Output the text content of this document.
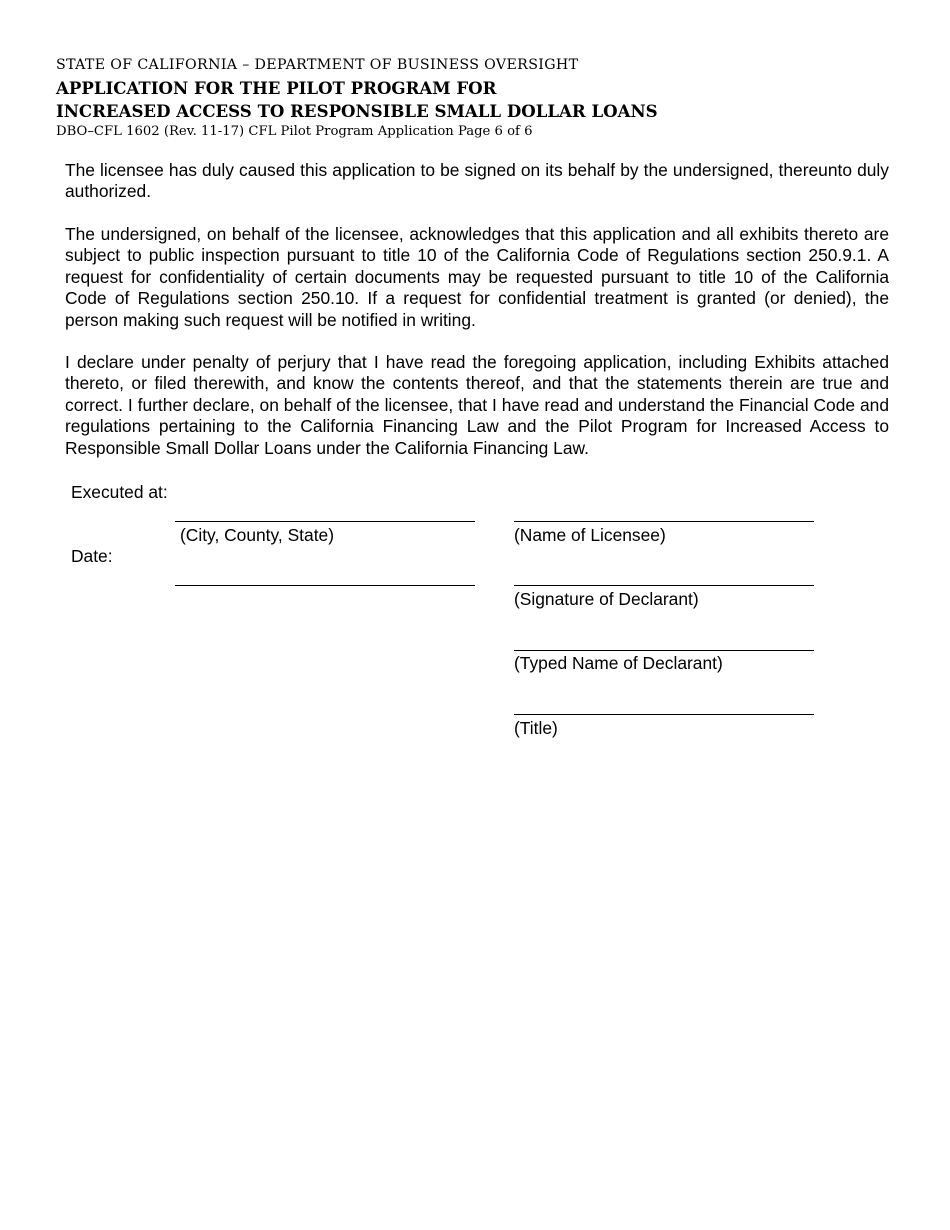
STATE OF CALIFORNIA – DEPARTMENT OF BUSINESS OVERSIGHT
APPLICATION FOR THE PILOT PROGRAM FOR
INCREASED ACCESS TO RESPONSIBLE SMALL DOLLAR LOANS
DBO–CFL 1602 (Rev. 11-17) CFL Pilot Program Application Page 6 of 6

The licensee has duly caused this application to be signed on its behalf by the undersigned, thereunto duly authorized.

The undersigned, on behalf of the licensee, acknowledges that this application and all exhibits thereto are subject to public inspection pursuant to title 10 of the California Code of Regulations section 250.9.1. A request for confidentiality of certain documents may be requested pursuant to title 10 of the California Code of Regulations section 250.10. If a request for confidential treatment is granted (or denied), the person making such request will be notified in writing.

I declare under penalty of perjury that I have read the foregoing application, including Exhibits attached thereto, or filed therewith, and know the contents thereof, and that the statements therein are true and correct. I further declare, on behalf of the licensee, that I have read and understand the Financial Code and regulations pertaining to the California Financing Law and the Pilot Program for Increased Access to Responsible Small Dollar Loans under the California Financing Law.

Executed at:
Date:
(City, County, State)	(Name of Licensee)
(Signature of Declarant)
(Typed Name of Declarant)
(Title)
